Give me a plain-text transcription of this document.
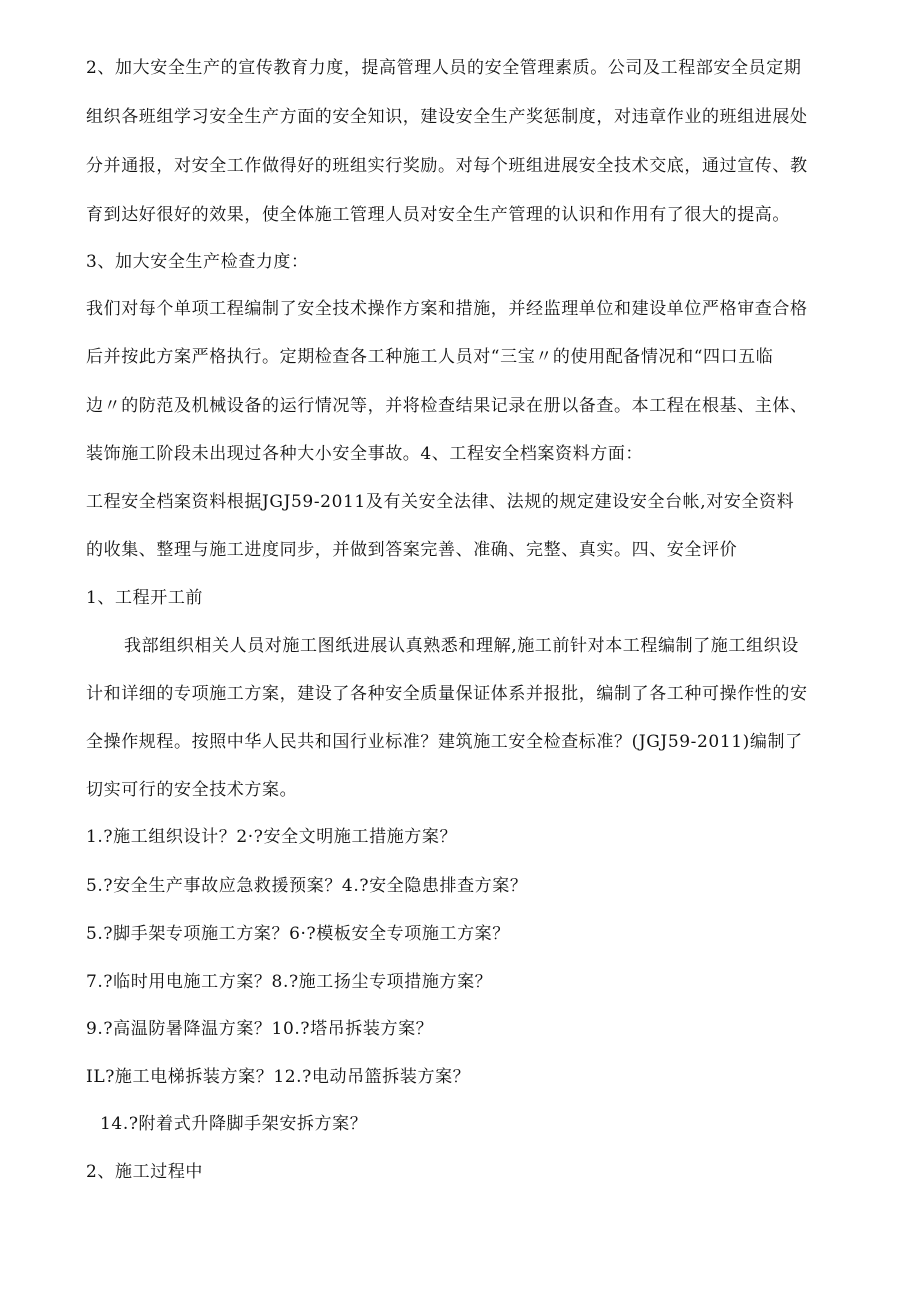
2、加大安全生产的宣传教育力度，提高管理人员的安全管理素质。公司及工程部安全员定期

组织各班组学习安全生产方面的安全知识，建设安全生产奖惩制度，对违章作业的班组进展处

分并通报，对安全工作做得好的班组实行奖励。对每个班组进展安全技术交底，通过宣传、教

育到达好很好的效果，使全体施工管理人员对安全生产管理的认识和作用有了很大的提高。

3、加大安全生产检查力度：

我们对每个单项工程编制了安全技术操作方案和措施，并经监理单位和建设单位严格审查合格

后并按此方案严格执行。定期检查各工种施工人员对“三宝〃的使用配备情况和“四口五临

边〃的防范及机械设备的运行情况等，并将检查结果记录在册以备查。本工程在根基、主体、

装饰施工阶段未出现过各种大小安全事故。4、工程安全档案资料方面：

工程安全档案资料根据JGJ59-2011及有关安全法律、法规的规定建设安全台帐,对安全资料

的收集、整理与施工进度同步，并做到答案完善、准确、完整、真实。四、安全评价

1、工程开工前

我部组织相关人员对施工图纸进展认真熟悉和理解,施工前针对本工程编制了施工组织设

计和详细的专项施工方案，建设了各种安全质量保证体系并报批，编制了各工种可操作性的安

全操作规程。按照中华人民共和国行业标准？建筑施工安全检查标准？(JGJ59-2011)编制了

切实可行的安全技术方案。

1.?施工组织设计？2·?安全文明施工措施方案？

5.?安全生产事故应急救援预案？4.?安全隐患排查方案？

5.?脚手架专项施工方案？6·?模板安全专项施工方案？

7.?临时用电施工方案？8.?施工扬尘专项措施方案？

9.?高温防暑降温方案？10.?塔吊拆装方案？

IL?施工电梯拆装方案？12.?电动吊篮拆装方案？

14.?附着式升降脚手架安拆方案？

2、施工过程中
